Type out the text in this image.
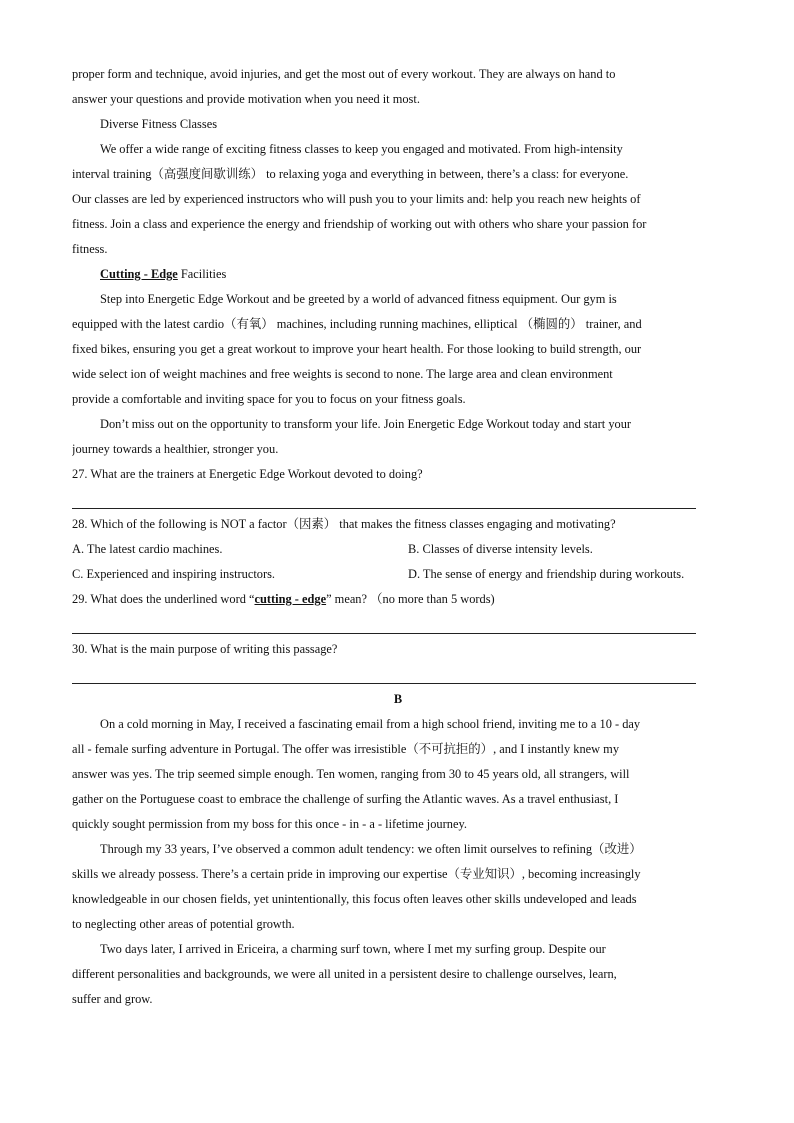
proper form and technique, avoid injuries, and get the most out of every workout. They are always on hand to
answer your questions and provide motivation when you need it most.
Diverse Fitness Classes
We offer a wide range of exciting fitness classes to keep you engaged and motivated. From high-intensity
interval training（高强度间歇训练） to relaxing yoga and everything in between, there’s a class: for everyone.
Our classes are led by experienced instructors who will push you to your limits and: help you reach new heights of
fitness. Join a class and experience the energy and friendship of working out with others who share your passion for
fitness.
Cutting - Edge Facilities
Step into Energetic Edge Workout and be greeted by a world of advanced fitness equipment. Our gym is
equipped with the latest cardio（有氧） machines, including running machines, elliptical （椭圆的） trainer, and
fixed bikes, ensuring you get a great workout to improve your heart health. For those looking to build strength, our
wide select ion of weight machines and free weights is second to none. The large area and clean environment
provide a comfortable and inviting space for you to focus on your fitness goals.
Don’t miss out on the opportunity to transform your life. Join Energetic Edge Workout today and start your
journey towards a healthier, stronger you.
27. What are the trainers at Energetic Edge Workout devoted to doing?
28. Which of the following is NOT a factor（因素） that makes the fitness classes engaging and motivating?
A. The latest cardio machines.	B. Classes of diverse intensity levels.
C. Experienced and inspiring instructors.	D. The sense of energy and friendship during workouts.
29. What does the underlined word “cutting - edge” mean? （no more than 5 words)
30. What is the main purpose of writing this passage?
B
On a cold morning in May, I received a fascinating email from a high school friend, inviting me to a 10 - day
all - female surfing adventure in Portugal. The offer was irresistible（不可抗拒的）, and I instantly knew my
answer was yes. The trip seemed simple enough. Ten women, ranging from 30 to 45 years old, all strangers, will
gather on the Portuguese coast to embrace the challenge of surfing the Atlantic waves. As a travel enthusiast, I
quickly sought permission from my boss for this once - in - a - lifetime journey.
Through my 33 years, I’ve observed a common adult tendency: we often limit ourselves to refining（改进）
skills we already possess. There’s a certain pride in improving our expertise（专业知识）, becoming increasingly
knowledgeable in our chosen fields, yet unintentionally, this focus often leaves other skills undeveloped and leads
to neglecting other areas of potential growth.
Two days later, I arrived in Ericeira, a charming surf town, where I met my surfing group. Despite our
different personalities and backgrounds, we were all united in a persistent desire to challenge ourselves, learn,
suffer and grow.
